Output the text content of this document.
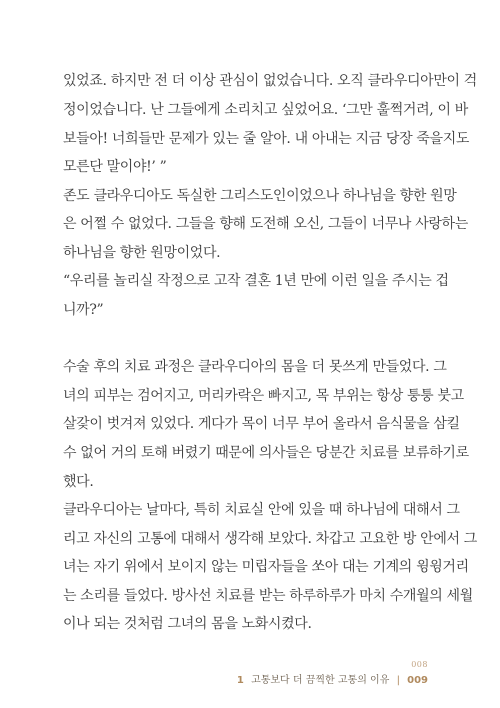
있었죠. 하지만 전 더 이상 관심이 없었습니다. 오직 클라우디아만이 걱
정이었습니다. 난 그들에게 소리치고 싶었어요. ‘그만 훌쩍거려, 이 바
보들아! 너희들만 문제가 있는 줄 알아. 내 아내는 지금 당장 죽을지도
모른단 말이야!’ ”
존도 클라우디아도 독실한 그리스도인이었으나 하나님을 향한 원망
은 어쩔 수 없었다. 그들을 향해 도전해 오신, 그들이 너무나 사랑하는
하나님을 향한 원망이었다.
“우리를 놀리실 작정으로 고작 결혼 1년 만에 이런 일을 주시는 겁
니까?”
수술 후의 치료 과정은 클라우디아의 몸을 더 못쓰게 만들었다. 그
녀의 피부는 검어지고, 머리카락은 빠지고, 목 부위는 항상 퉁퉁 붓고
살갗이 벗겨져 있었다. 게다가 목이 너무 부어 올라서 음식물을 삼킬
수 없어 거의 토해 버렸기 때문에 의사들은 당분간 치료를 보류하기로
했다.
클라우디아는 날마다, 특히 치료실 안에 있을 때 하나님에 대해서 그
리고 자신의 고통에 대해서 생각해 보았다. 차갑고 고요한 방 안에서 그
녀는 자기 위에서 보이지 않는 미립자들을 쏘아 대는 기계의 윙윙거리
는 소리를 들었다. 방사선 치료를 받는 하루하루가 마치 수개월의 세월
이나 되는 것처럼 그녀의 몸을 노화시켰다.
008
1 고통보다 더 끔찍한 고통의 이유 | 009
